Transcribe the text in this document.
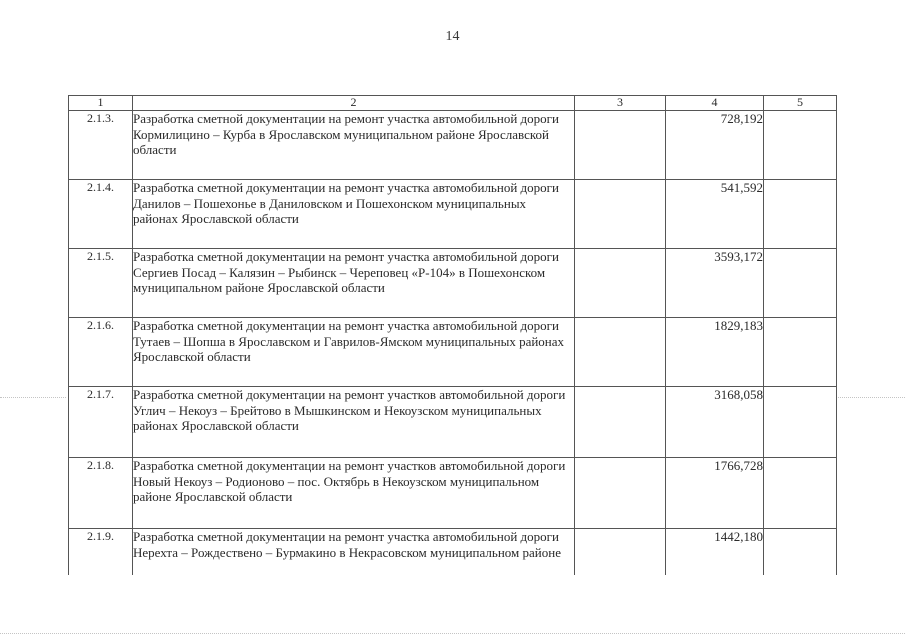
14
1	2	3	4	5
2.1.3.	Разработка сметной документации на ремонт участка автомобильной дороги Кормилицино – Курба в Ярославском муниципальном районе Ярославской области		728,192	
2.1.4.	Разработка сметной документации на ремонт участка автомобильной дороги Данилов – Пошехонье в Даниловском и Пошехонском муниципальных районах Ярославской области		541,592	
2.1.5.	Разработка сметной документации на ремонт участка автомобильной дороги Сергиев Посад – Калязин – Рыбинск – Череповец «Р-104» в Пошехонском муниципальном районе Ярославской области		3593,172	
2.1.6.	Разработка сметной документации на ремонт участка автомобильной дороги Тутаев – Шопша в Ярославском и Гаврилов-Ямском муниципальных районах Ярославской области		1829,183	
2.1.7.	Разработка сметной документации на ремонт участков автомобильной дороги Углич – Некоуз – Брейтово в Мышкинском и Некоузском муниципальных районах Ярославской области		3168,058	
2.1.8.	Разработка сметной документации на ремонт участков автомобильной дороги Новый Некоуз – Родионово – пос. Октябрь в Некоузском муниципальном районе Ярославской области		1766,728	
2.1.9.	Разработка сметной документации на ремонт участка автомобильной дороги Нерехта – Рождествено – Бурмакино в Некрасовском муниципальном районе		1442,180	
